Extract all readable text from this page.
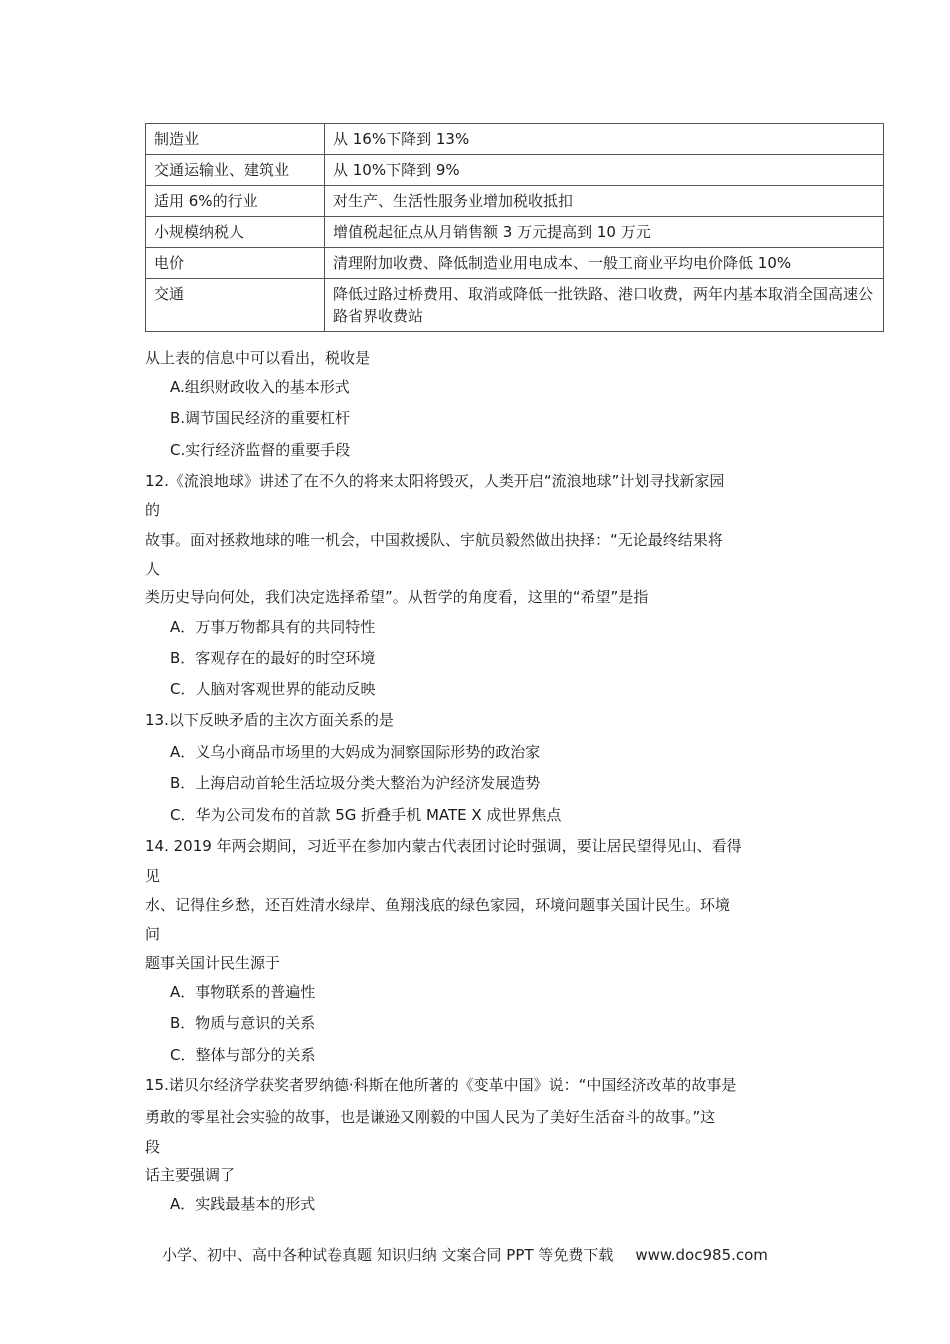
制造业	从 16%下降到 13%
交通运输业、建筑业	从 10%下降到 9%
适用 6%的行业	对生产、生活性服务业增加税收抵扣
小规模纳税人	增值税起征点从月销售额 3 万元提高到 10 万元
电价	清理附加收费、降低制造业用电成本、一般工商业平均电价降低 10%
交通	降低过路过桥费用、取消或降低一批铁路、港口收费，两年内基本取消全国高速公路省界收费站
从上表的信息中可以看出，税收是
A.组织财政收入的基本形式
B.调节国民经济的重要杠杆
C.实行经济监督的重要手段
12.《流浪地球》讲述了在不久的将来太阳将毁灭，人类开启“流浪地球”计划寻找新家园
的
故事。面对拯救地球的唯一机会，中国救援队、宇航员毅然做出抉择：“无论最终结果将
人
类历史导向何处，我们决定选择希望”。从哲学的角度看，这里的“希望”是指
A．万事万物都具有的共同特性
B．客观存在的最好的时空环境
C．人脑对客观世界的能动反映
13.以下反映矛盾的主次方面关系的是
A．义乌小商品市场里的大妈成为洞察国际形势的政治家
B．上海启动首轮生活垃圾分类大整治为沪经济发展造势
C．华为公司发布的首款 5G 折叠手机 MATE X 成世界焦点
14. 2019 年两会期间，习近平在参加内蒙古代表团讨论时强调，要让居民望得见山、看得
见
水、记得住乡愁，还百姓清水绿岸、鱼翔浅底的绿色家园，环境问题事关国计民生。环境
问
题事关国计民生源于
A．事物联系的普遍性
B．物质与意识的关系
C．整体与部分的关系
15.诺贝尔经济学获奖者罗纳德·科斯在他所著的《变革中国》说：“中国经济改革的故事是
勇敢的零星社会实验的故事，也是谦逊又刚毅的中国人民为了美好生活奋斗的故事。”这
段
话主要强调了
A．实践最基本的形式
小学、初中、高中各种试卷真题 知识归纳 文案合同 PPT 等免费下载 www.doc985.com
